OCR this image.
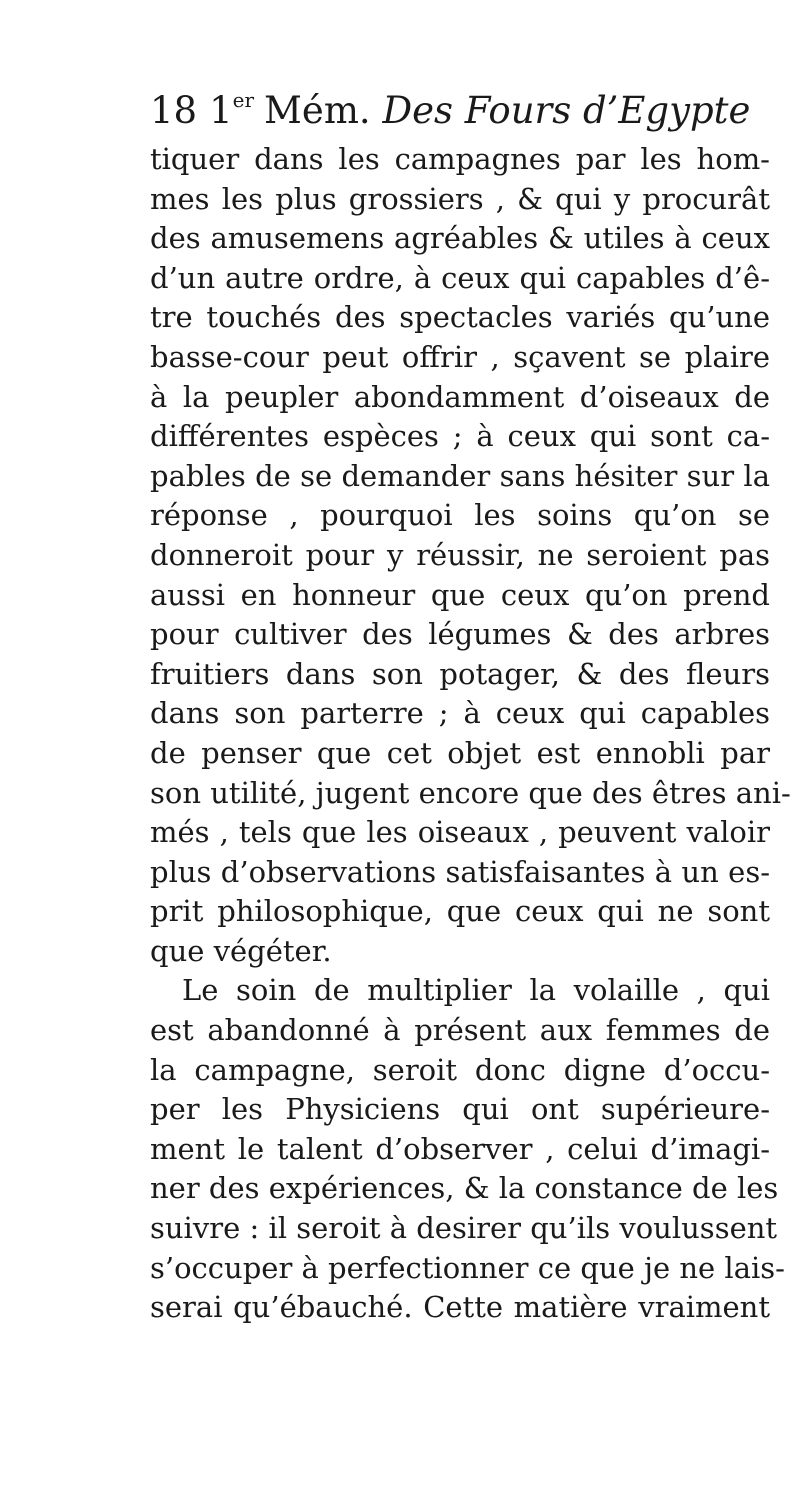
18 1er Mém. Des Fours d’Egypte
tiquer dans les campagnes par les hom-
mes les plus grossiers , & qui y procurât
des amusemens agréables & utiles à ceux
d’un autre ordre, à ceux qui capables d’ê-
tre touchés des spectacles variés qu’une
basse-cour peut offrir , sçavent se plaire
à la peupler abondamment d’oiseaux de
différentes espèces ; à ceux qui sont ca-
pables de se demander sans hésiter sur la
réponse , pourquoi les soins qu’on se
donneroit pour y réussir, ne seroient pas
aussi en honneur que ceux qu’on prend
pour cultiver des légumes & des arbres
fruitiers dans son potager, & des fleurs
dans son parterre ; à ceux qui capables
de penser que cet objet est ennobli par
son utilité, jugent encore que des êtres ani-
més , tels que les oiseaux , peuvent valoir
plus d’observations satisfaisantes à un es-
prit philosophique, que ceux qui ne sont
que végéter.
Le soin de multiplier la volaille , qui
est abandonné à présent aux femmes de
la campagne, seroit donc digne d’occu-
per les Physiciens qui ont supérieure-
ment le talent d’observer , celui d’imagi-
ner des expériences, & la constance de les
suivre : il seroit à desirer qu’ils voulussent
s’occuper à perfectionner ce que je ne lais-
serai qu’ébauché. Cette matière vraiment
